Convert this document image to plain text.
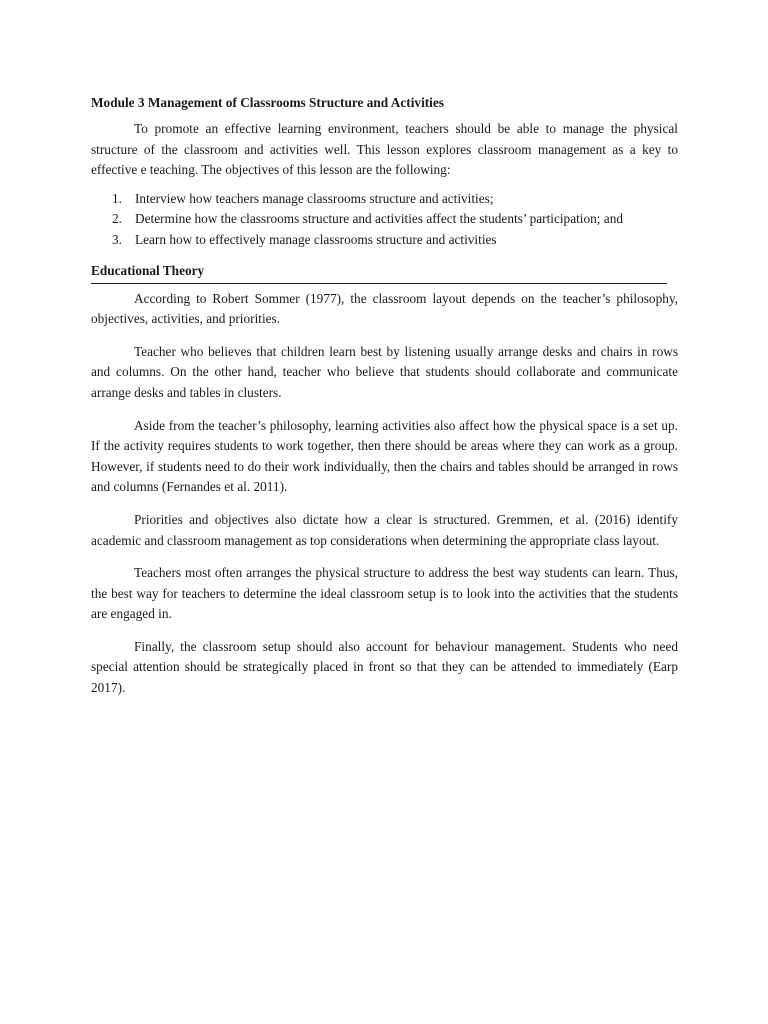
Module 3 Management of Classrooms Structure and Activities

To promote an effective learning environment, teachers should be able to manage the physical structure of the classroom and activities well. This lesson explores classroom management as a key to effective e teaching. The objectives of this lesson are the following:

1. Interview how teachers manage classrooms structure and activities;
2. Determine how the classrooms structure and activities affect the students’ participation; and
3. Learn how to effectively manage classrooms structure and activities
Educational Theory

According to Robert Sommer (1977), the classroom layout depends on the teacher’s philosophy, objectives, activities, and priorities.

Teacher who believes that children learn best by listening usually arrange desks and chairs in rows and columns. On the other hand, teacher who believe that students should collaborate and communicate arrange desks and tables in clusters.

Aside from the teacher’s philosophy, learning activities also affect how the physical space is a set up. If the activity requires students to work together, then there should be areas where they can work as a group. However, if students need to do their work individually, then the chairs and tables should be arranged in rows and columns (Fernandes et al. 2011).

Priorities and objectives also dictate how a clear is structured. Gremmen, et al. (2016) identify academic and classroom management as top considerations when determining the appropriate class layout.

Teachers most often arranges the physical structure to address the best way students can learn. Thus, the best way for teachers to determine the ideal classroom setup is to look into the activities that the students are engaged in.

Finally, the classroom setup should also account for behaviour management. Students who need special attention should be strategically placed in front so that they can be attended to immediately (Earp 2017).
